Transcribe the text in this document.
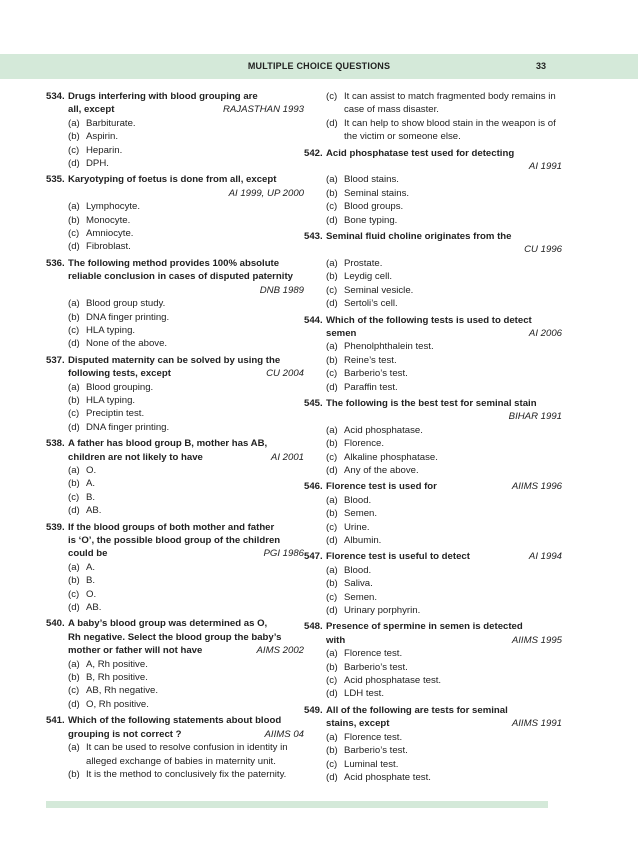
MULTIPLE CHOICE QUESTIONS	33
534. Drugs interfering with blood grouping are
all, except	RAJASTHAN 1993
(a) Barbiturate.
(b) Aspirin.
(c) Heparin.
(d) DPH.
535. Karyotyping of foetus is done from all, except
AI 1999, UP 2000
(a) Lymphocyte.
(b) Monocyte.
(c) Amniocyte.
(d) Fibroblast.
536. The following method provides 100% absolute
reliable conclusion in cases of disputed paternity
DNB 1989
(a) Blood group study.
(b) DNA finger printing.
(c) HLA typing.
(d) None of the above.
537. Disputed maternity can be solved by using the
following tests, except	CU 2004
(a) Blood grouping.
(b) HLA typing.
(c) Preciptin test.
(d) DNA finger printing.
538. A father has blood group B, mother has AB,
children are not likely to have	AI 2001
(a) O.
(b) A.
(c) B.
(d) AB.
539. If the blood groups of both mother and father
is ‘O’, the possible blood group of the children
could be	PGI 1986
(a) A.
(b) B.
(c) O.
(d) AB.
540. A baby’s blood group was determined as O,
Rh negative. Select the blood group the baby’s
mother or father will not have	AIMS 2002
(a) A, Rh positive.
(b) B, Rh positive.
(c) AB, Rh negative.
(d) O, Rh positive.
541. Which of the following statements about blood
grouping is not correct ?	AIIMS 04
(a) It can be used to resolve confusion in identity in alleged exchange of babies in maternity unit.
(b) It is the method to conclusively fix the paternity.
(c) It can assist to match fragmented body remains in case of mass disaster.
(d) It can help to show blood stain in the weapon is of the victim or someone else.
542. Acid phosphatase test used for detecting
AI 1991
(a) Blood stains.
(b) Seminal stains.
(c) Blood groups.
(d) Bone typing.
543. Seminal fluid choline originates from the
CU 1996
(a) Prostate.
(b) Leydig cell.
(c) Seminal vesicle.
(d) Sertoli’s cell.
544. Which of the following tests is used to detect
semen	AI 2006
(a) Phenolphthalein test.
(b) Reine’s test.
(c) Barberio’s test.
(d) Paraffin test.
545. The following is the best test for seminal stain
BIHAR 1991
(a) Acid phosphatase.
(b) Florence.
(c) Alkaline phosphatase.
(d) Any of the above.
546. Florence test is used for	AIIMS 1996
(a) Blood.
(b) Semen.
(c) Urine.
(d) Albumin.
547. Florence test is useful to detect	AI 1994
(a) Blood.
(b) Saliva.
(c) Semen.
(d) Urinary porphyrin.
548. Presence of spermine in semen is detected
with	AIIMS 1995
(a) Florence test.
(b) Barberio’s test.
(c) Acid phosphatase test.
(d) LDH test.
549. All of the following are tests for seminal
stains, except	AIIMS 1991
(a) Florence test.
(b) Barberio’s test.
(c) Luminal test.
(d) Acid phosphate test.
